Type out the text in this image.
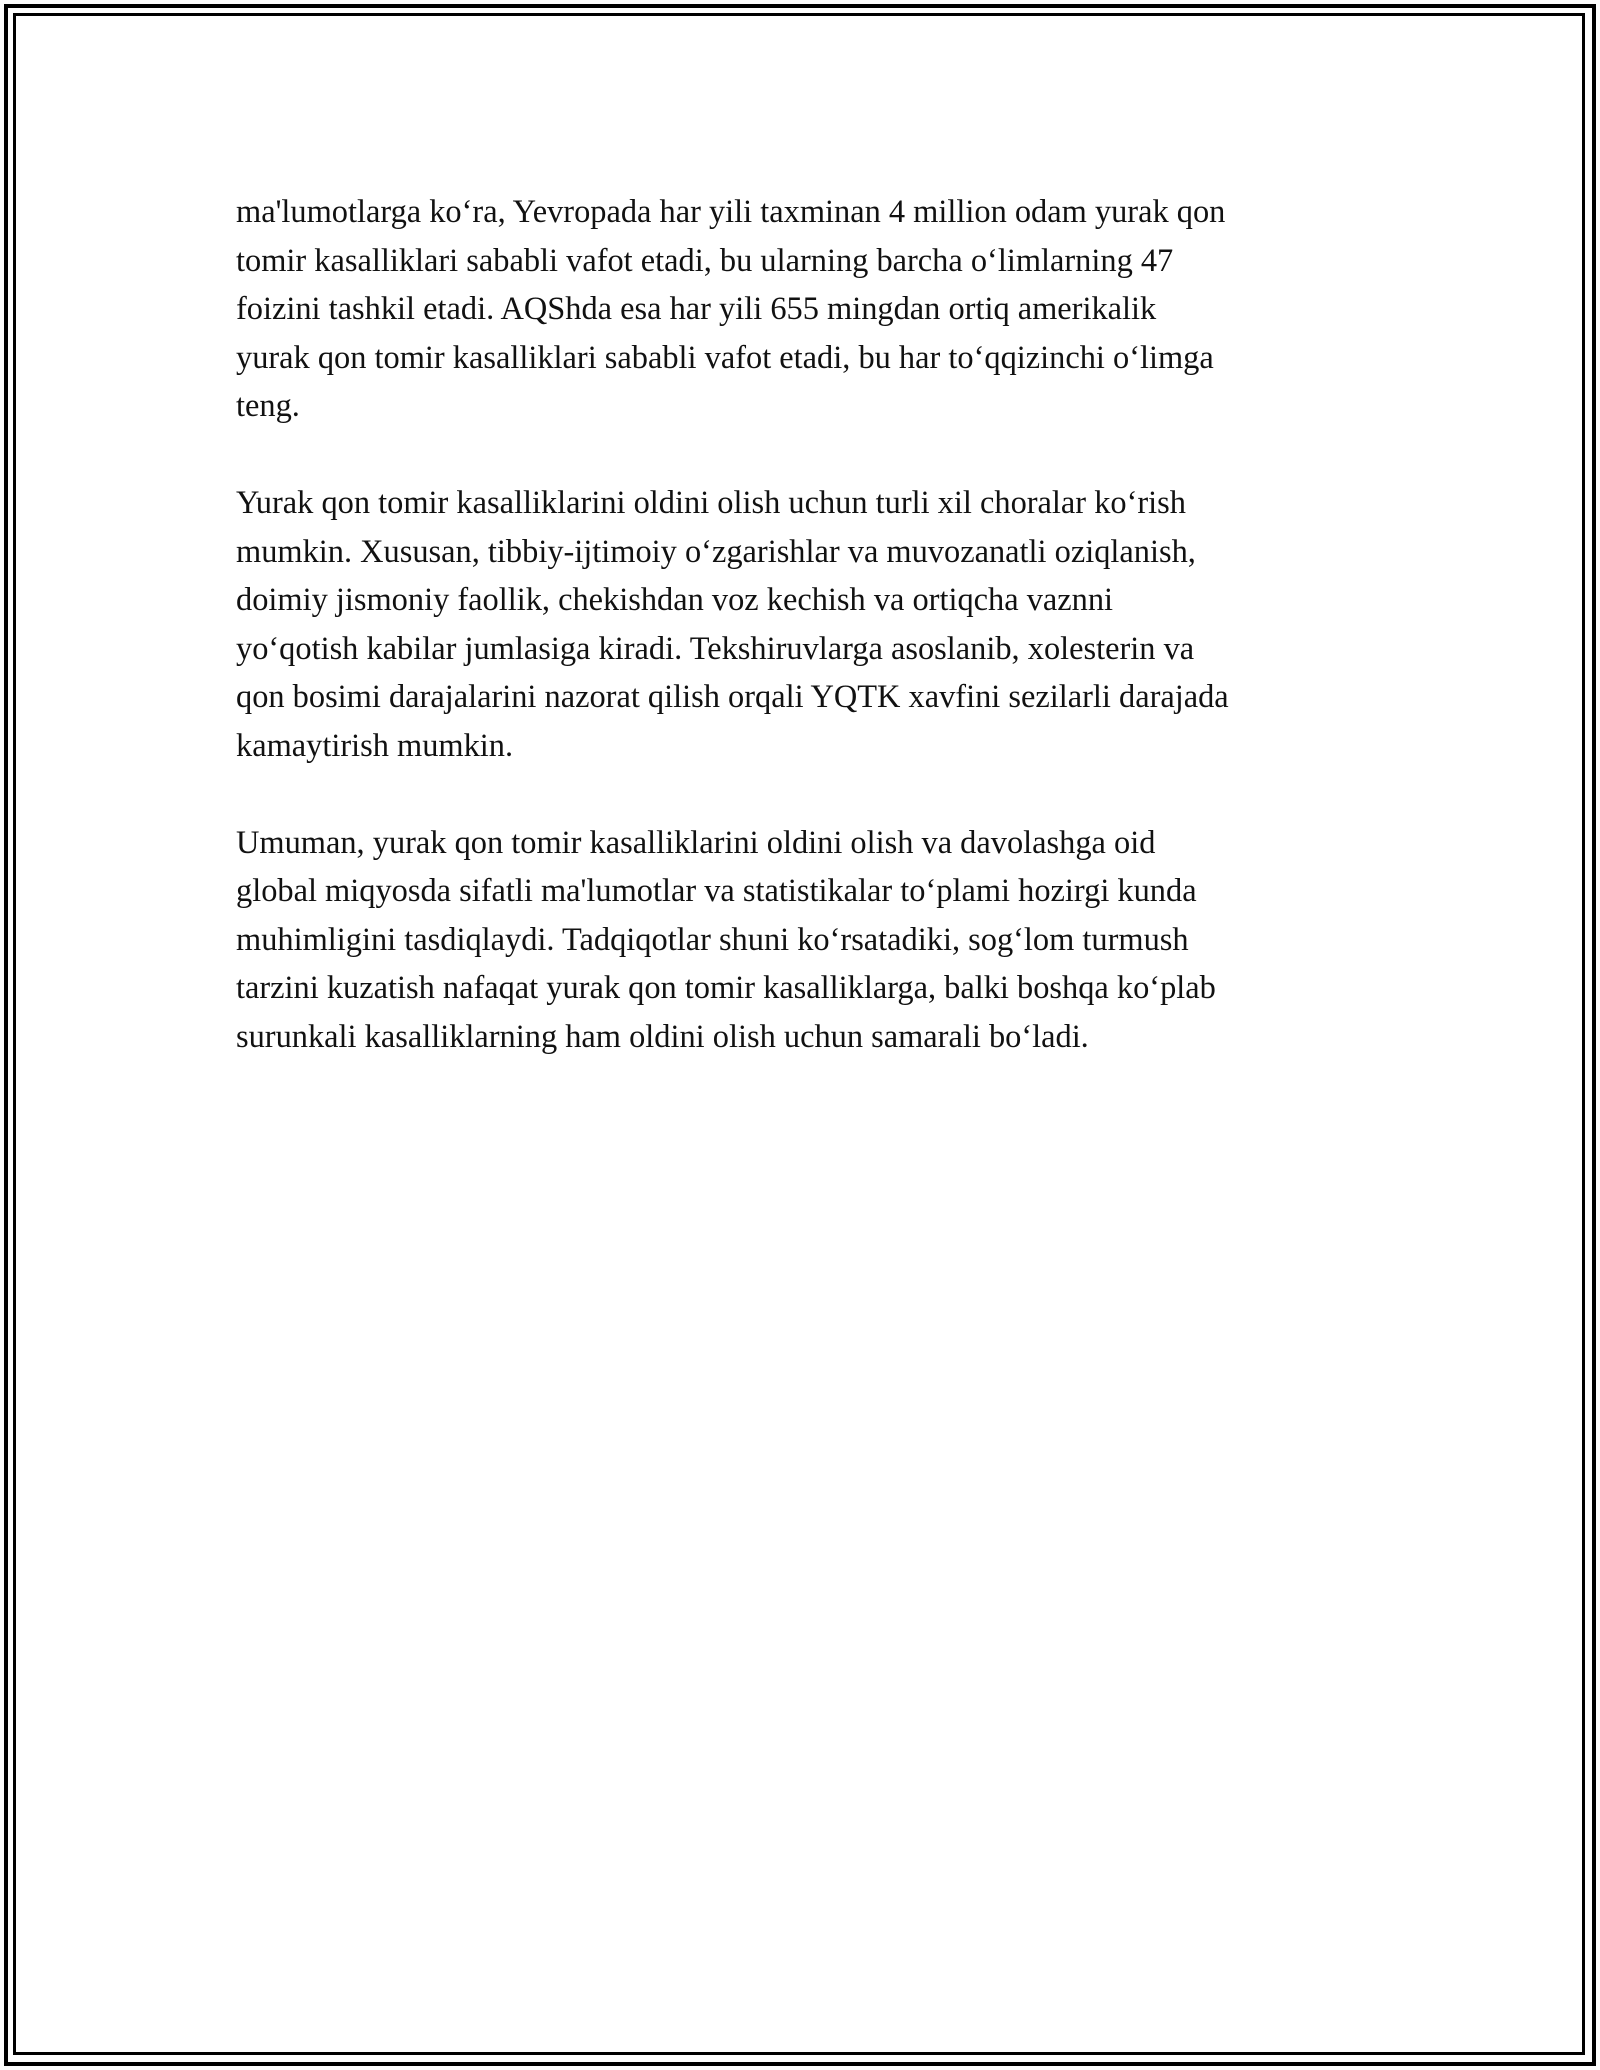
ma'lumotlarga ko‘ra, Yevropada har yili taxminan 4 million odam yurak qon
tomir kasalliklari sababli vafot etadi, bu ularning barcha o‘limlarning 47
foizini tashkil etadi. AQShda esa har yili 655 mingdan ortiq amerikalik
yurak qon tomir kasalliklari sababli vafot etadi, bu har to‘qqizinchi o‘limga
teng.

Yurak qon tomir kasalliklarini oldini olish uchun turli xil choralar ko‘rish
mumkin. Xususan, tibbiy-ijtimoiy o‘zgarishlar va muvozanatli oziqlanish,
doimiy jismoniy faollik, chekishdan voz kechish va ortiqcha vaznni
yo‘qotish kabilar jumlasiga kiradi. Tekshiruvlarga asoslanib, xolesterin va
qon bosimi darajalarini nazorat qilish orqali YQTK xavfini sezilarli darajada
kamaytirish mumkin.

Umuman, yurak qon tomir kasalliklarini oldini olish va davolashga oid
global miqyosda sifatli ma'lumotlar va statistikalar to‘plami hozirgi kunda
muhimligini tasdiqlaydi. Tadqiqotlar shuni ko‘rsatadiki, sog‘lom turmush
tarzini kuzatish nafaqat yurak qon tomir kasalliklarga, balki boshqa ko‘plab
surunkali kasalliklarning ham oldini olish uchun samarali bo‘ladi.
